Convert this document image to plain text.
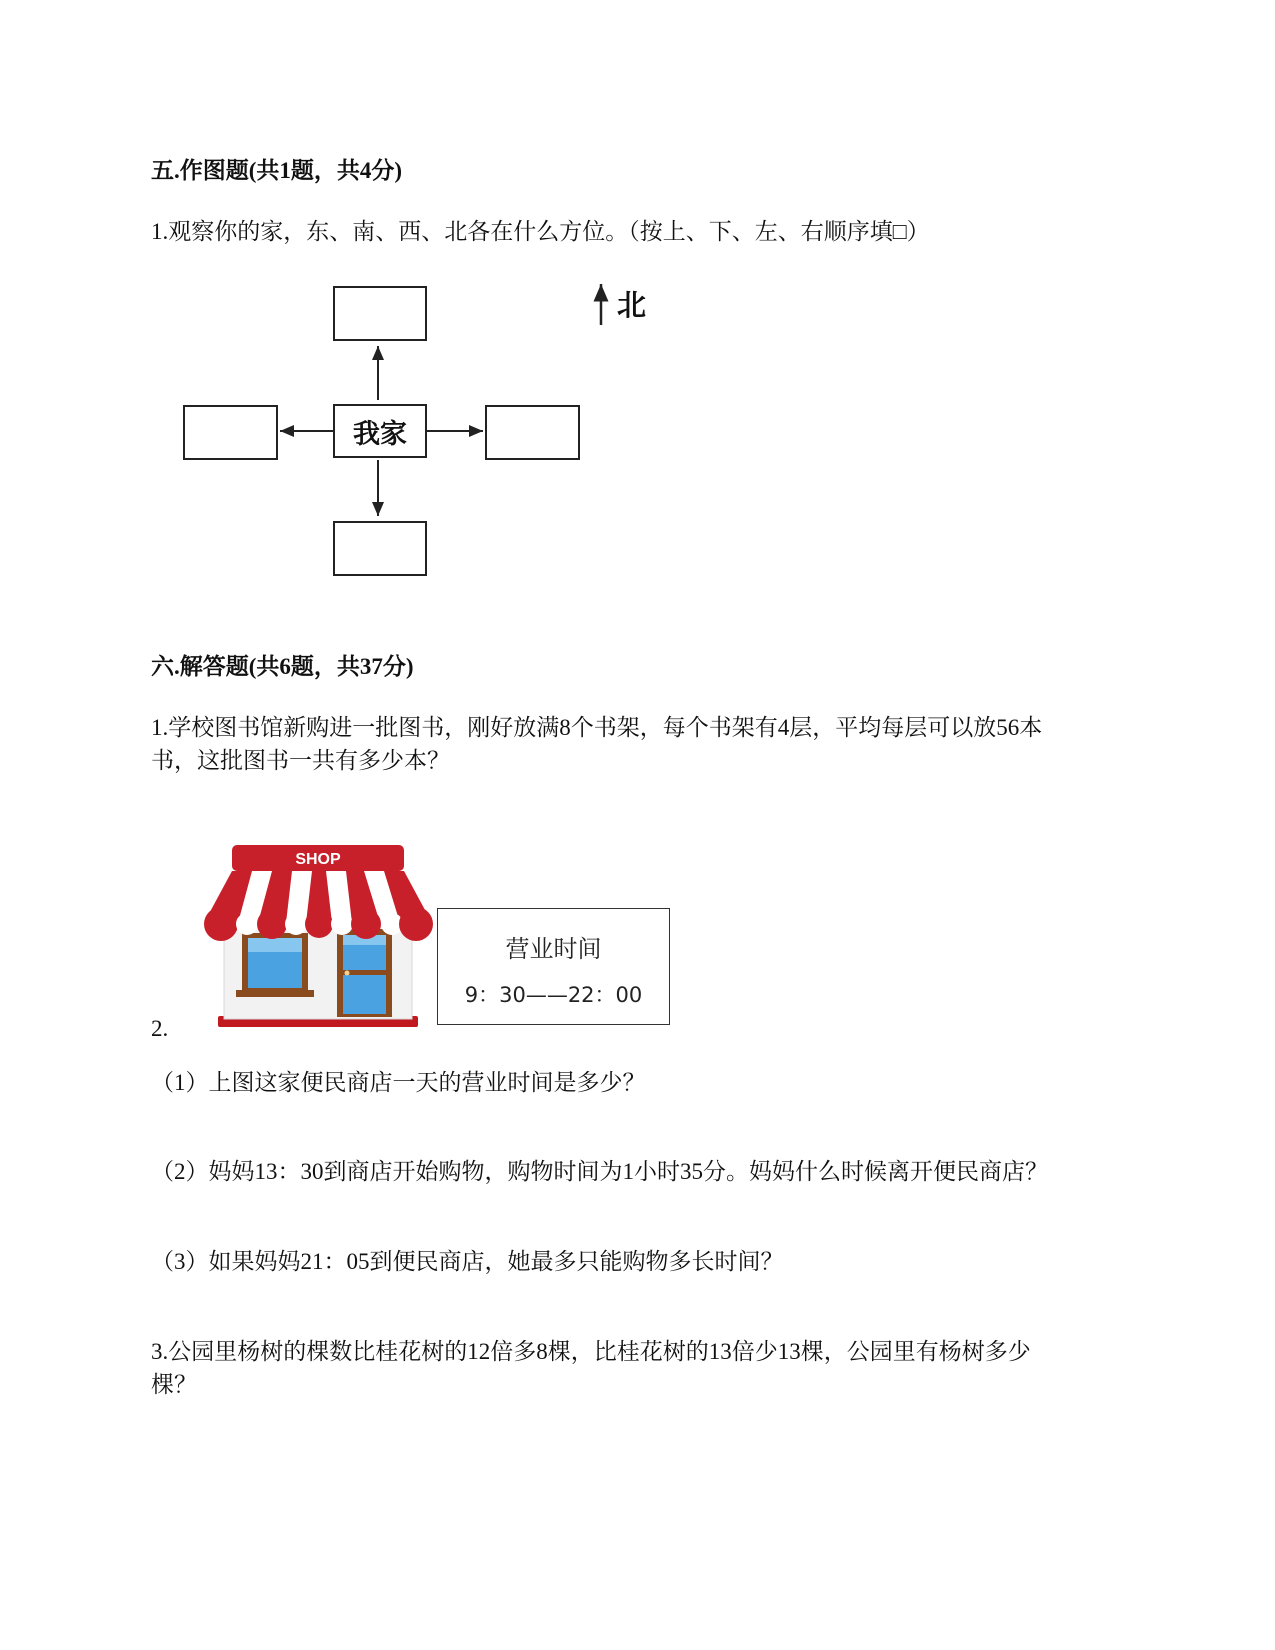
五.作图题(共1题，共4分)
1.观察你的家，东、南、西、北各在什么方位。（按上、下、左、右顺序填□）
我家
北
六.解答题(共6题，共37分)
1.学校图书馆新购进一批图书，刚好放满8个书架，每个书架有4层，平均每层可以放56本
书，这批图书一共有多少本？
2.
SHOP
营业时间
9：30——22：00
（1）上图这家便民商店一天的营业时间是多少？
（2）妈妈13：30到商店开始购物，购物时间为1小时35分。妈妈什么时候离开便民商店？
（3）如果妈妈21：05到便民商店，她最多只能购物多长时间？
3.公园里杨树的棵数比桂花树的12倍多8棵，比桂花树的13倍少13棵，公园里有杨树多少
棵？
